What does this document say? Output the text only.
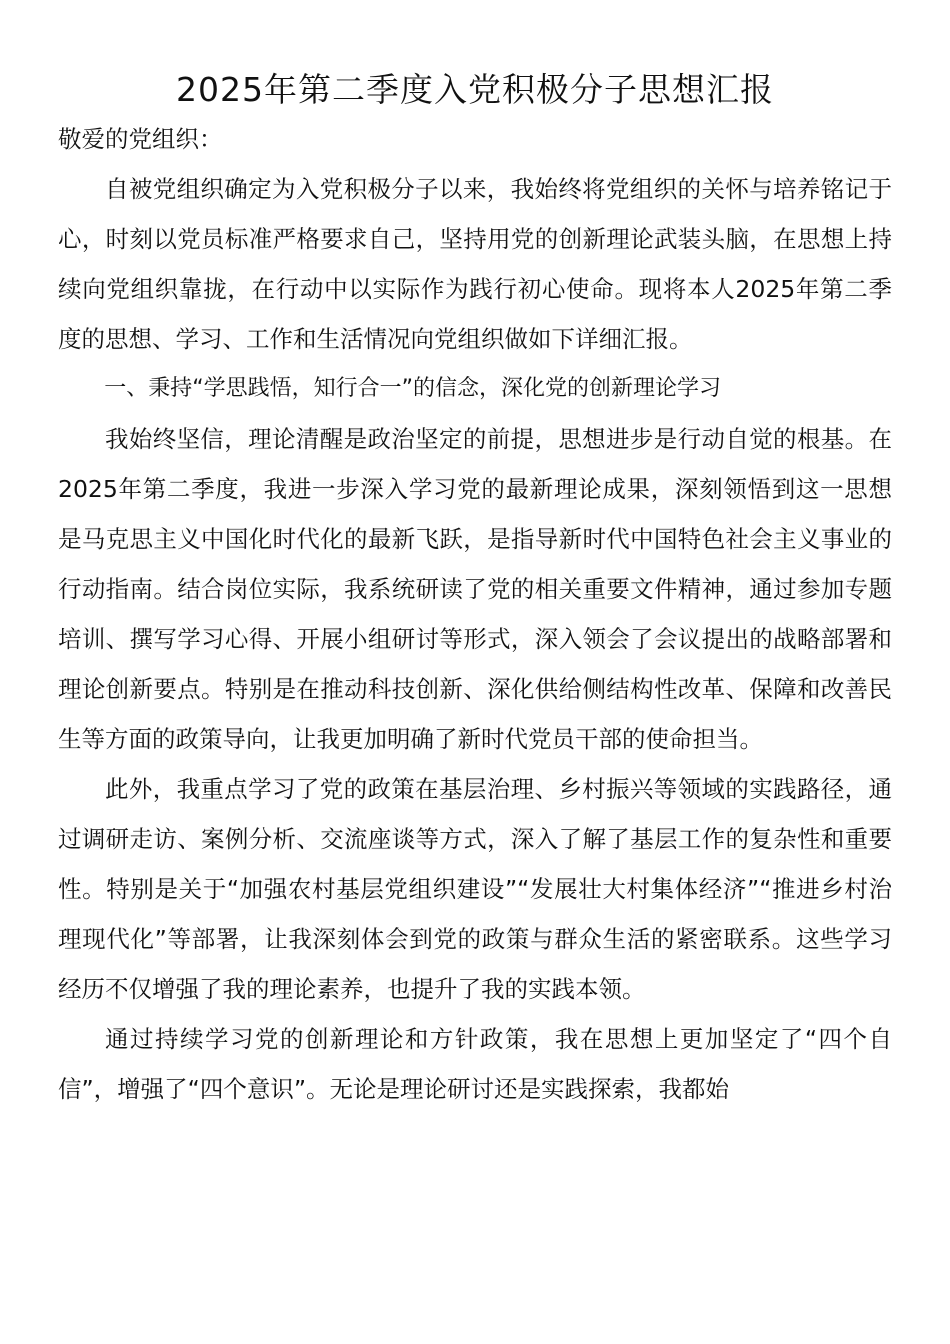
2025年第二季度入党积极分子思想汇报

敬爱的党组织：

自被党组织确定为入党积极分子以来，我始终将党组织的关怀与培养铭记于心，时刻以党员标准严格要求自己，坚持用党的创新理论武装头脑，在思想上持续向党组织靠拢，在行动中以实际作为践行初心使命。现将本人2025年第二季度的思想、学习、工作和生活情况向党组织做如下详细汇报。

一、秉持“学思践悟，知行合一”的信念，深化党的创新理论学习

我始终坚信，理论清醒是政治坚定的前提，思想进步是行动自觉的根基。在2025年第二季度，我进一步深入学习党的最新理论成果，深刻领悟到这一思想是马克思主义中国化时代化的最新飞跃，是指导新时代中国特色社会主义事业的行动指南。结合岗位实际，我系统研读了党的相关重要文件精神，通过参加专题培训、撰写学习心得、开展小组研讨等形式，深入领会了会议提出的战略部署和理论创新要点。特别是在推动科技创新、深化供给侧结构性改革、保障和改善民生等方面的政策导向，让我更加明确了新时代党员干部的使命担当。

此外，我重点学习了党的政策在基层治理、乡村振兴等领域的实践路径，通过调研走访、案例分析、交流座谈等方式，深入了解了基层工作的复杂性和重要性。特别是关于“加强农村基层党组织建设”“发展壮大村集体经济”“推进乡村治理现代化”等部署，让我深刻体会到党的政策与群众生活的紧密联系。这些学习经历不仅增强了我的理论素养，也提升了我的实践本领。

通过持续学习党的创新理论和方针政策，我在思想上更加坚定了“四个自信”，增强了“四个意识”。无论是理论研讨还是实践探索，我都始
